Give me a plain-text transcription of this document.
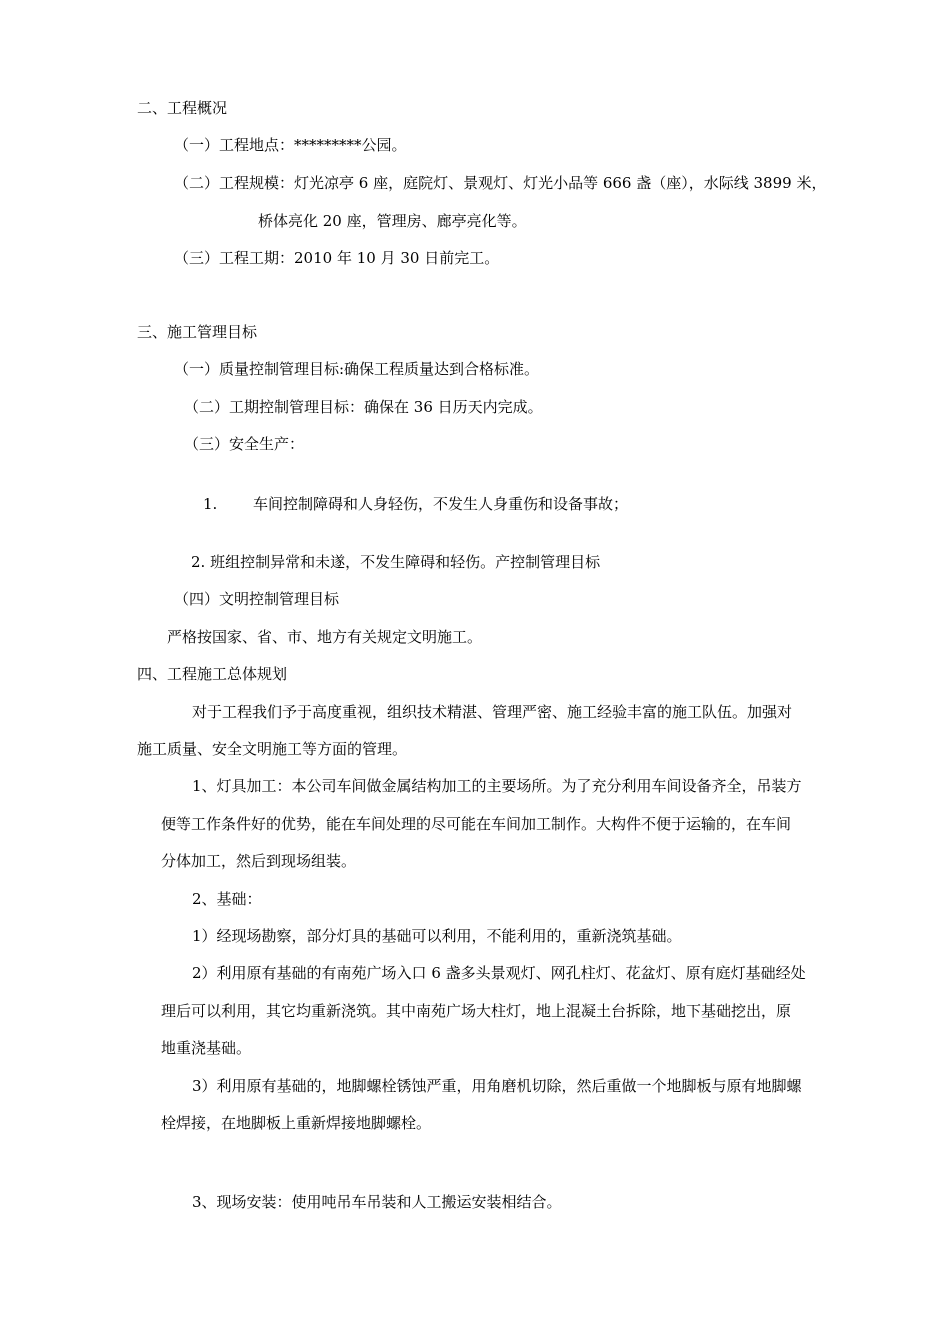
二、工程概况

（一）工程地点：*********公园。

（二）工程规模：灯光凉亭 6 座，庭院灯、景观灯、灯光小品等 666 盏（座），水际线 3899 米，

桥体亮化 20 座，管理房、廊亭亮化等。

（三）工程工期：2010 年 10 月 30 日前完工。

三、施工管理目标

（一）质量控制管理目标:确保工程质量达到合格标准。

（二）工期控制管理目标：确保在 36 日历天内完成。

（三）安全生产：

1. 车间控制障碍和人身轻伤，不发生人身重伤和设备事故；

2. 班组控制异常和未遂，不发生障碍和轻伤。产控制管理目标

（四）文明控制管理目标

严格按国家、省、市、地方有关规定文明施工。

四、工程施工总体规划

对于工程我们予于高度重视，组织技术精湛、管理严密、施工经验丰富的施工队伍。加强对

施工质量、安全文明施工等方面的管理。

1、灯具加工：本公司车间做金属结构加工的主要场所。为了充分利用车间设备齐全，吊装方

便等工作条件好的优势，能在车间处理的尽可能在车间加工制作。大构件不便于运输的，在车间

分体加工，然后到现场组装。

2、基础：

1）经现场勘察，部分灯具的基础可以利用，不能利用的，重新浇筑基础。

2）利用原有基础的有南苑广场入口 6 盏多头景观灯、网孔柱灯、花盆灯、原有庭灯基础经处

理后可以利用，其它均重新浇筑。其中南苑广场大柱灯，地上混凝土台拆除，地下基础挖出，原

地重浇基础。

3）利用原有基础的，地脚螺栓锈蚀严重，用角磨机切除，然后重做一个地脚板与原有地脚螺

栓焊接，在地脚板上重新焊接地脚螺栓。

3、现场安装：使用吨吊车吊装和人工搬运安装相结合。
